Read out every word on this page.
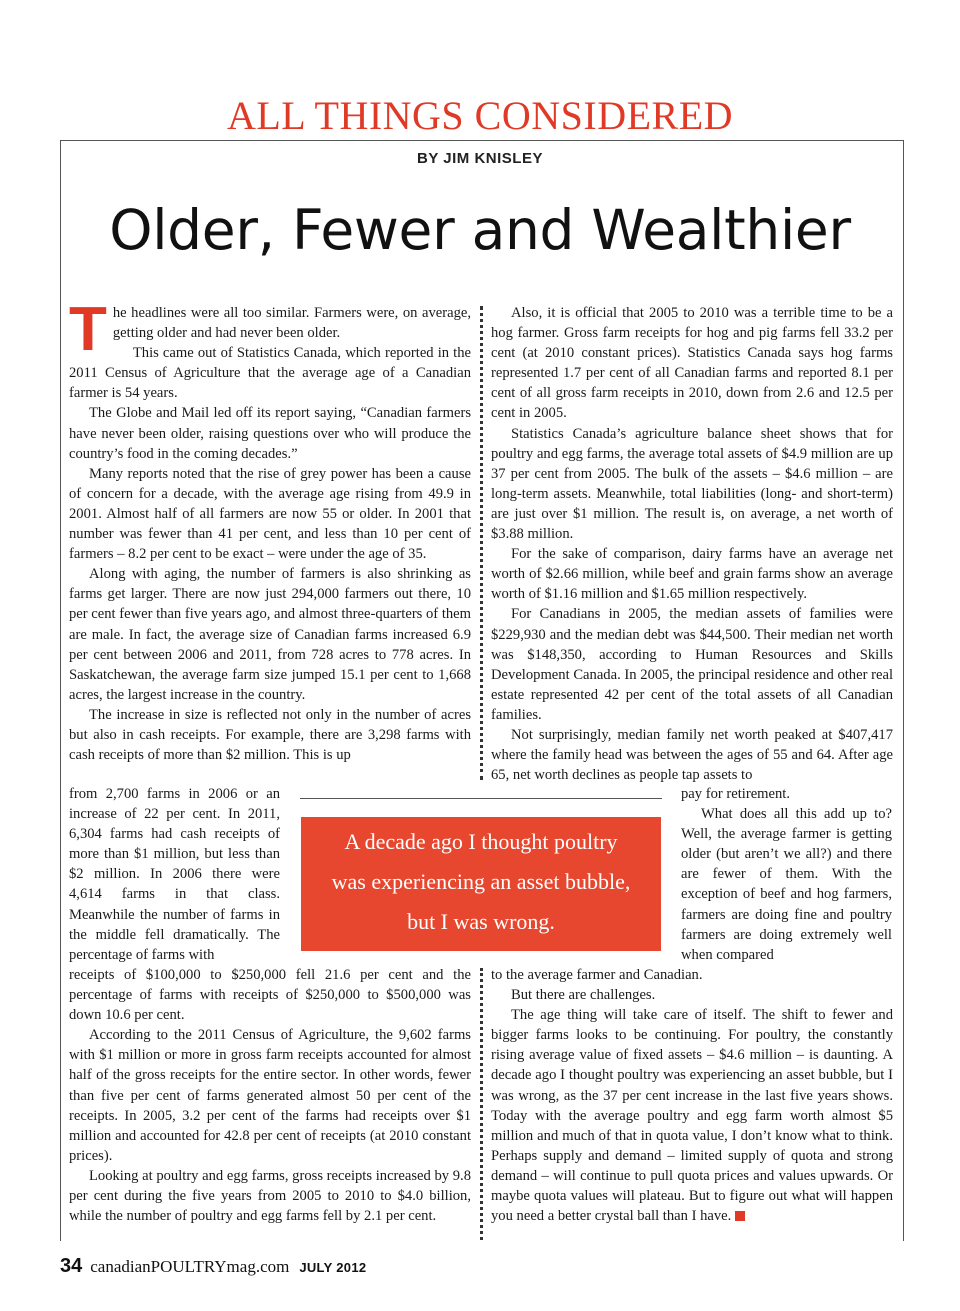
ALL THINGS CONSIDERED
BY JIM KNISLEY
Older, Fewer and Wealthier

The headlines were all too similar. Farmers were, on average, getting older and had never been older.

This came out of Statistics Canada, which reported in the 2011 Census of Agriculture that the average age of a Canadian farmer is 54 years.

The Globe and Mail led off its report saying, “Canadian farmers have never been older, raising questions over who will produce the country’s food in the coming decades.”

Many reports noted that the rise of grey power has been a cause of concern for a decade, with the average age rising from 49.9 in 2001. Almost half of all farmers are now 55 or older. In 2001 that number was fewer than 41 per cent, and less than 10 per cent of farmers – 8.2 per cent to be exact – were under the age of 35.

Along with aging, the number of farmers is also shrinking as farms get larger. There are now just 294,000 farmers out there, 10 per cent fewer than five years ago, and almost three-quarters of them are male. In fact, the average size of Canadian farms increased 6.9 per cent between 2006 and 2011, from 728 acres to 778 acres. In Saskatchewan, the average farm size jumped 15.1 per cent to 1,668 acres, the largest increase in the country.

The increase in size is reflected not only in the number of acres but also in cash receipts. For example, there are 3,298 farms with cash receipts of more than $2 million. This is up

Also, it is official that 2005 to 2010 was a terrible time to be a hog farmer. Gross farm receipts for hog and pig farms fell 33.2 per cent (at 2010 constant prices). Statistics Canada says hog farms represented 1.7 per cent of all Canadian farms and reported 8.1 per cent of all gross farm receipts in 2010, down from 2.6 and 12.5 per cent in 2005.

Statistics Canada’s agriculture balance sheet shows that for poultry and egg farms, the average total assets of $4.9 million are up 37 per cent from 2005. The bulk of the assets – $4.6 million – are long-term assets. Meanwhile, total liabilities (long- and short-term) are just over $1 million. The result is, on average, a net worth of $3.88 million.

For the sake of comparison, dairy farms have an average net worth of $2.66 million, while beef and grain farms show an average worth of $1.16 million and $1.65 million respectively.

For Canadians in 2005, the median assets of families were $229,930 and the median debt was $44,500. Their median net worth was $148,350, according to Human Resources and Skills Development Canada. In 2005, the principal residence and other real estate represented 42 per cent of the total assets of all Canadian families.

Not surprisingly, median family net worth peaked at $407,417 where the family head was between the ages of 55 and 64. After age 65, net worth declines as people tap assets to

from 2,700 farms in 2006 or an increase of 22 per cent. In 2011, 6,304 farms had cash receipts of more than $1 million, but less than $2 million. In 2006 there were 4,614 farms in that class. Meanwhile the number of farms in the middle fell dramatically. The percentage of farms with

pay for retirement.

What does all this add up to? Well, the average farmer is getting older (but aren’t we all?) and there are fewer of them. With the exception of beef and hog farmers, farmers are doing fine and poultry farmers are doing extremely well when compared

A decade ago I thought poultry
was experiencing an asset bubble,
but I was wrong.

receipts of $100,000 to $250,000 fell 21.6 per cent and the percentage of farms with receipts of $250,000 to $500,000 was down 10.6 per cent.

According to the 2011 Census of Agriculture, the 9,602 farms with $1 million or more in gross farm receipts accounted for almost half of the gross receipts for the entire sector. In other words, fewer than five per cent of farms generated almost 50 per cent of the receipts. In 2005, 3.2 per cent of the farms had receipts over $1 million and accounted for 42.8 per cent of receipts (at 2010 constant prices).

Looking at poultry and egg farms, gross receipts increased by 9.8 per cent during the five years from 2005 to 2010 to $4.0 billion, while the number of poultry and egg farms fell by 2.1 per cent.

to the average farmer and Canadian.

But there are challenges.

The age thing will take care of itself. The shift to fewer and bigger farms looks to be continuing. For poultry, the constantly rising average value of fixed assets – $4.6 million – is daunting. A decade ago I thought poultry was experiencing an asset bubble, but I was wrong, as the 37 per cent increase in the last five years shows. Today with the average poultry and egg farm worth almost $5 million and much of that in quota value, I don’t know what to think. Perhaps supply and demand – limited supply of quota and strong demand – will continue to pull quota prices and values upwards. Or maybe quota values will plateau. But to figure out what will happen you need a better crystal ball than I have.

34 canadianPOULTRYmag.com JULY 2012
